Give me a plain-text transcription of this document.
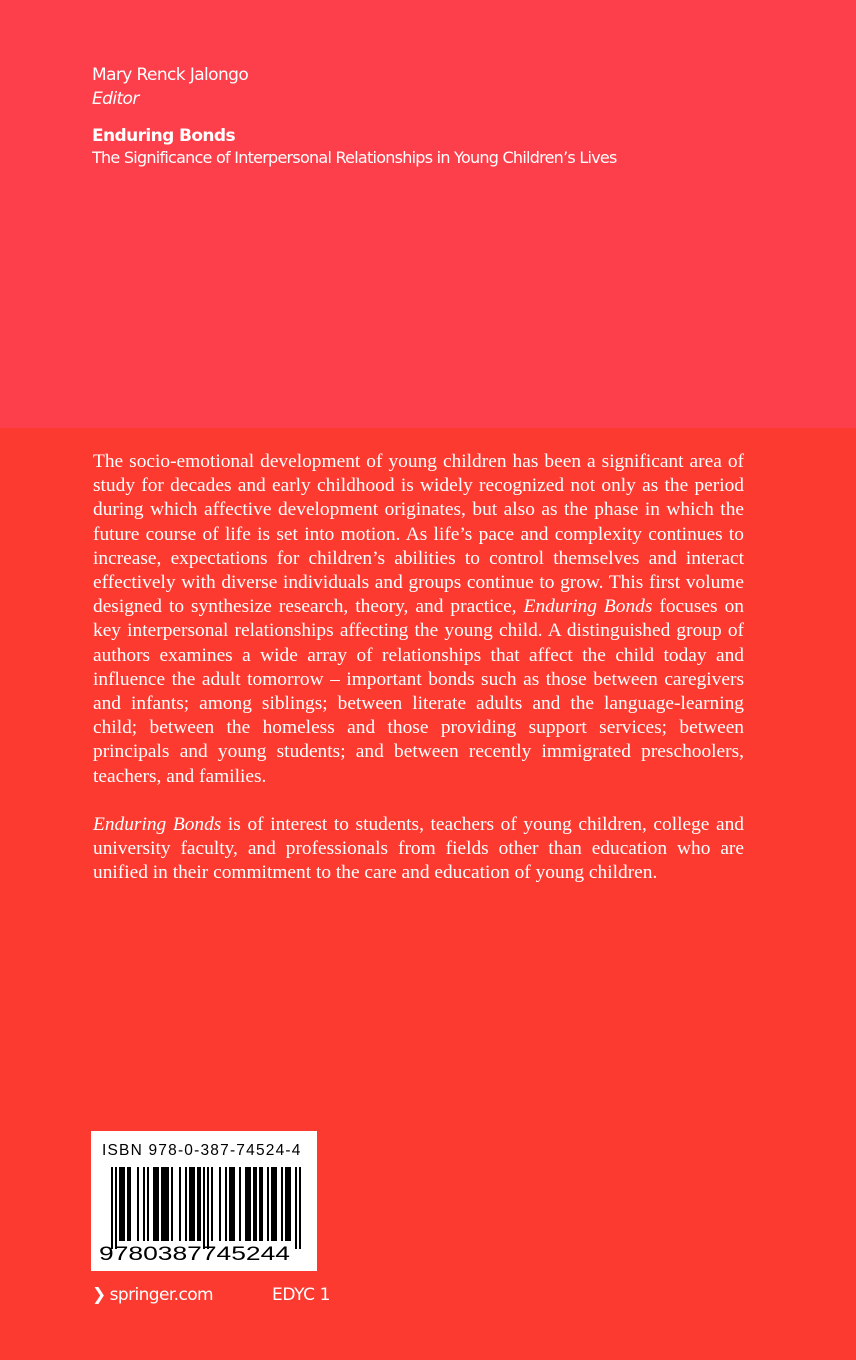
Mary Renck Jalongo
Editor
Enduring Bonds
The Significance of Interpersonal Relationships in Young Children’s Lives

The socio-emotional development of young children has been a significant area of study for decades and early childhood is widely recognized not only as the period during which affective development originates, but also as the phase in which the future course of life is set into motion. As life’s pace and complexity continues to increase, expectations for children’s abilities to control themselves and interact effectively with diverse individuals and groups continue to grow. This first volume designed to synthesize research, theory, and practice, Enduring Bonds focuses on key interpersonal relationships affecting the young child. A distinguished group of authors examines a wide array of relationships that affect the child today and influence the adult tomorrow – important bonds such as those between caregivers and infants; among siblings; between literate adults and the language-learning child; between the homeless and those providing support services; between principals and young students; and between recently immigrated preschoolers, teachers, and families.

Enduring Bonds is of interest to students, teachers of young children, college and university faculty, and professionals from fields other than education who are unified in their commitment to the care and education of young children.

ISBN 978-0-387-74524-4
9780387745244
❯ springer.com	EDYC 1
